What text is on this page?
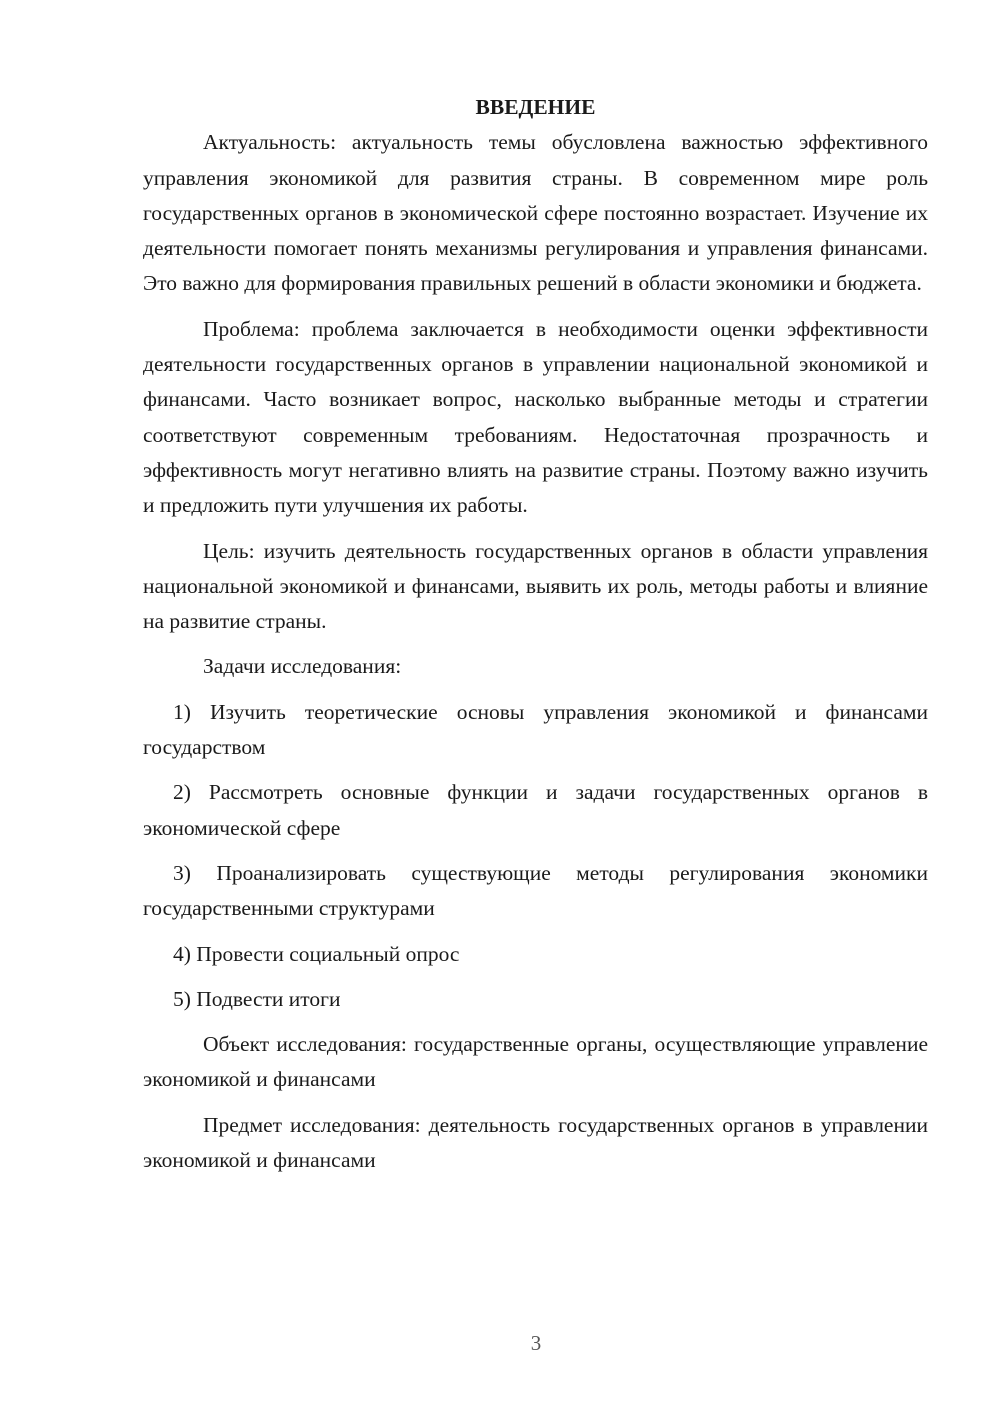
ВВЕДЕНИЕ

Актуальность: актуальность темы обусловлена важностью эффективного управления экономикой для развития страны. В современном мире роль государственных органов в экономической сфере постоянно возрастает. Изучение их деятельности помогает понять механизмы регулирования и управления финансами. Это важно для формирования правильных решений в области экономики и бюджета.

Проблема: проблема заключается в необходимости оценки эффективности деятельности государственных органов в управлении национальной экономикой и финансами. Часто возникает вопрос, насколько выбранные методы и стратегии соответствуют современным требованиям. Недостаточная прозрачность и эффективность могут негативно влиять на развитие страны. Поэтому важно изучить и предложить пути улучшения их работы.

Цель: изучить деятельность государственных органов в области управления национальной экономикой и финансами, выявить их роль, методы работы и влияние на развитие страны.

Задачи исследования:

1) Изучить теоретические основы управления экономикой и финансами государством

2) Рассмотреть основные функции и задачи государственных органов в экономической сфере

3) Проанализировать существующие методы регулирования экономики государственными структурами

4) Провести социальный опрос

5) Подвести итоги

Объект исследования: государственные органы, осуществляющие управление экономикой и финансами

Предмет исследования: деятельность государственных органов в управлении экономикой и финансами

3
